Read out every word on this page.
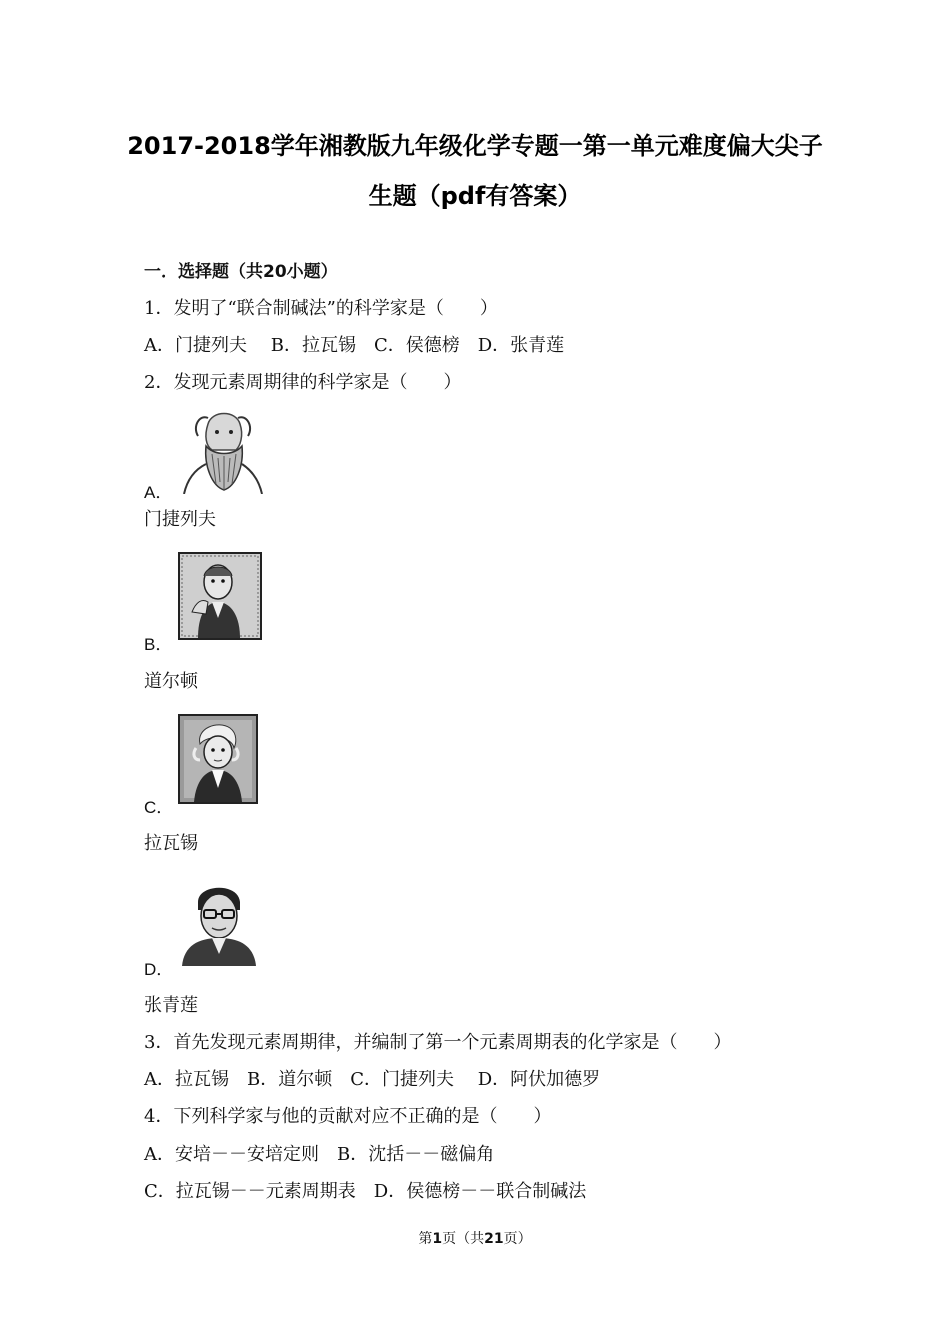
2017-2018学年湘教版九年级化学专题一第一单元难度偏大尖子
生题（pdf有答案）
一．选择题（共20小题）
1．发明了“联合制碱法”的科学家是（　　）
A．门捷列夫　 B．拉瓦锡　C．侯德榜　D．张青莲
2．发现元素周期律的科学家是（　　）
A．
门捷列夫
B．
道尔顿
C．
拉瓦锡
D．
张青莲
3．首先发现元素周期律，并编制了第一个元素周期表的化学家是（　　）
A．拉瓦锡　B．道尔顿　C．门捷列夫　 D．阿伏加德罗
4．下列科学家与他的贡献对应不正确的是（　　）
A．安培－－安培定则　B．沈括－－磁偏角
C．拉瓦锡－－元素周期表　D．侯德榜－－联合制碱法
第1页（共21页）
